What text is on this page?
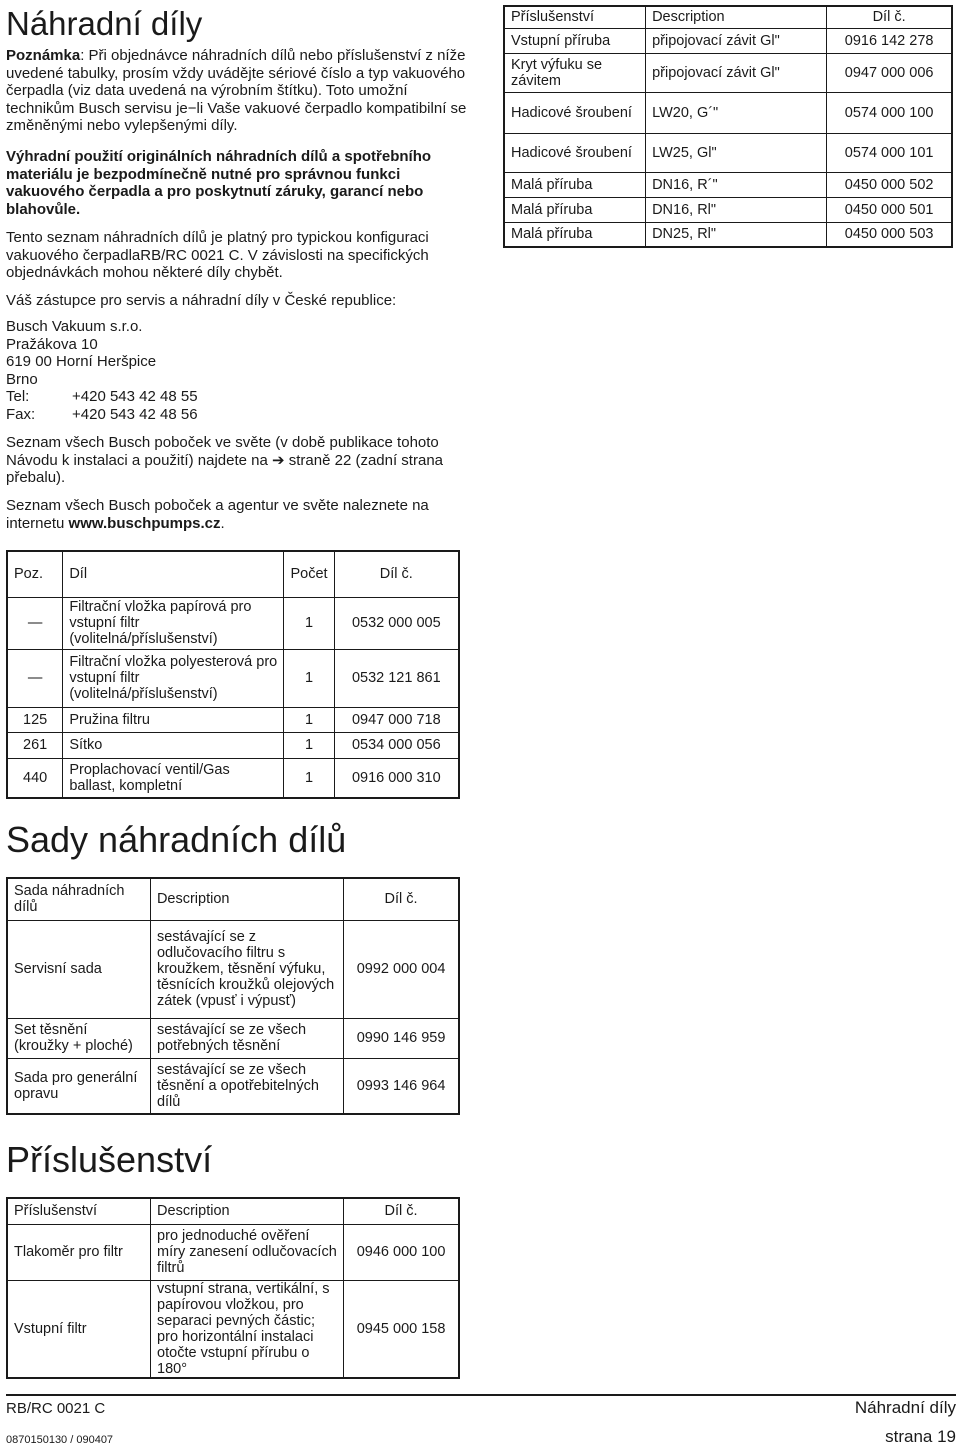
Náhradní díly

Poznámka: Při objednávce náhradních dílů nebo příslušenství z níže uvedené tabulky, prosím vždy uvádějte sériové číslo a typ vakuového čerpadla (viz data uvedená na výrobním štítku). Toto umožní technikům Busch servisu je−li Vaše vakuové čerpadlo kompatibilní se změněnými nebo vylepšenými díly.

Výhradní použití originálních náhradních dílů a spotřebního materiálu je bezpodmínečně nutné pro správnou funkci vakuového čerpadla a pro poskytnutí záruky, garancí nebo blahovůle.

Tento seznam náhradních dílů je platný pro typickou konfiguraci vakuového čerpadlaRB/RC 0021 C. V závislosti na specifických objednávkách mohou některé díly chybět.

Váš zástupce pro servis a náhradní díly v České republice:

Busch Vakuum s.r.o.
Pražákova 10
619 00 Horní Heršpice
Brno
Tel:	+420 543 42 48 55
Fax:	+420 543 42 48 56

Seznam všech Busch poboček ve světe (v době publikace tohoto Návodu k instalaci a použití) najdete na ➔ straně 22 (zadní strana přebalu).

Seznam všech Busch poboček a agentur ve světe naleznete na internetu www.buschpumps.cz.

Poz.	Díl	Počet	Díl č.
—	Filtrační vložka papírová pro vstupní filtr (volitelná/příslušenství)	1	0532 000 005
—	Filtrační vložka polyesterová pro vstupní filtr (volitelná/příslušenství)	1	0532 121 861
125	Pružina filtru	1	0947 000 718
261	Sítko	1	0534 000 056
440	Proplachovací ventil/Gas ballast, kompletní	1	0916 000 310
Sady náhradních dílů
Sada náhradních dílů	Description	Díl č.
Servisní sada	sestávající se z odlučovacího filtru s kroužkem, těsnění výfuku, těsnících kroužků olejových zátek (vpusť i výpusť)	0992 000 004
Set těsnění (kroužky + ploché)	sestávající se ze všech potřebných těsnění	0990 146 959
Sada pro generální opravu	sestávající se ze všech těsnění a opotřebitelných dílů	0993 146 964
Příslušenství
Příslušenství	Description	Díl č.
Tlakoměr pro filtr	pro jednoduché ověření míry zanesení odlučovacích filtrů	0946 000 100
Vstupní filtr	vstupní strana, vertikální, s papírovou vložkou, pro separaci pevných částic; pro horizontální instalaci otočte vstupní přírubu o 180°	0945 000 158
Příslušenství	Description	Díl č.
Vstupní příruba	připojovací závit Gl"	0916 142 278
Kryt výfuku se závitem	připojovací závit Gl"	0947 000 006
Hadicové šroubení	LW20, G´"	0574 000 100
Hadicové šroubení	LW25, Gl"	0574 000 101
Malá příruba	DN16, R´"	0450 000 502
Malá příruba	DN16, Rl"	0450 000 501
Malá příruba	DN25, Rl"	0450 000 503
RB/RC 0021 C	Náhradní díly
0870150130 / 090407	strana 19
